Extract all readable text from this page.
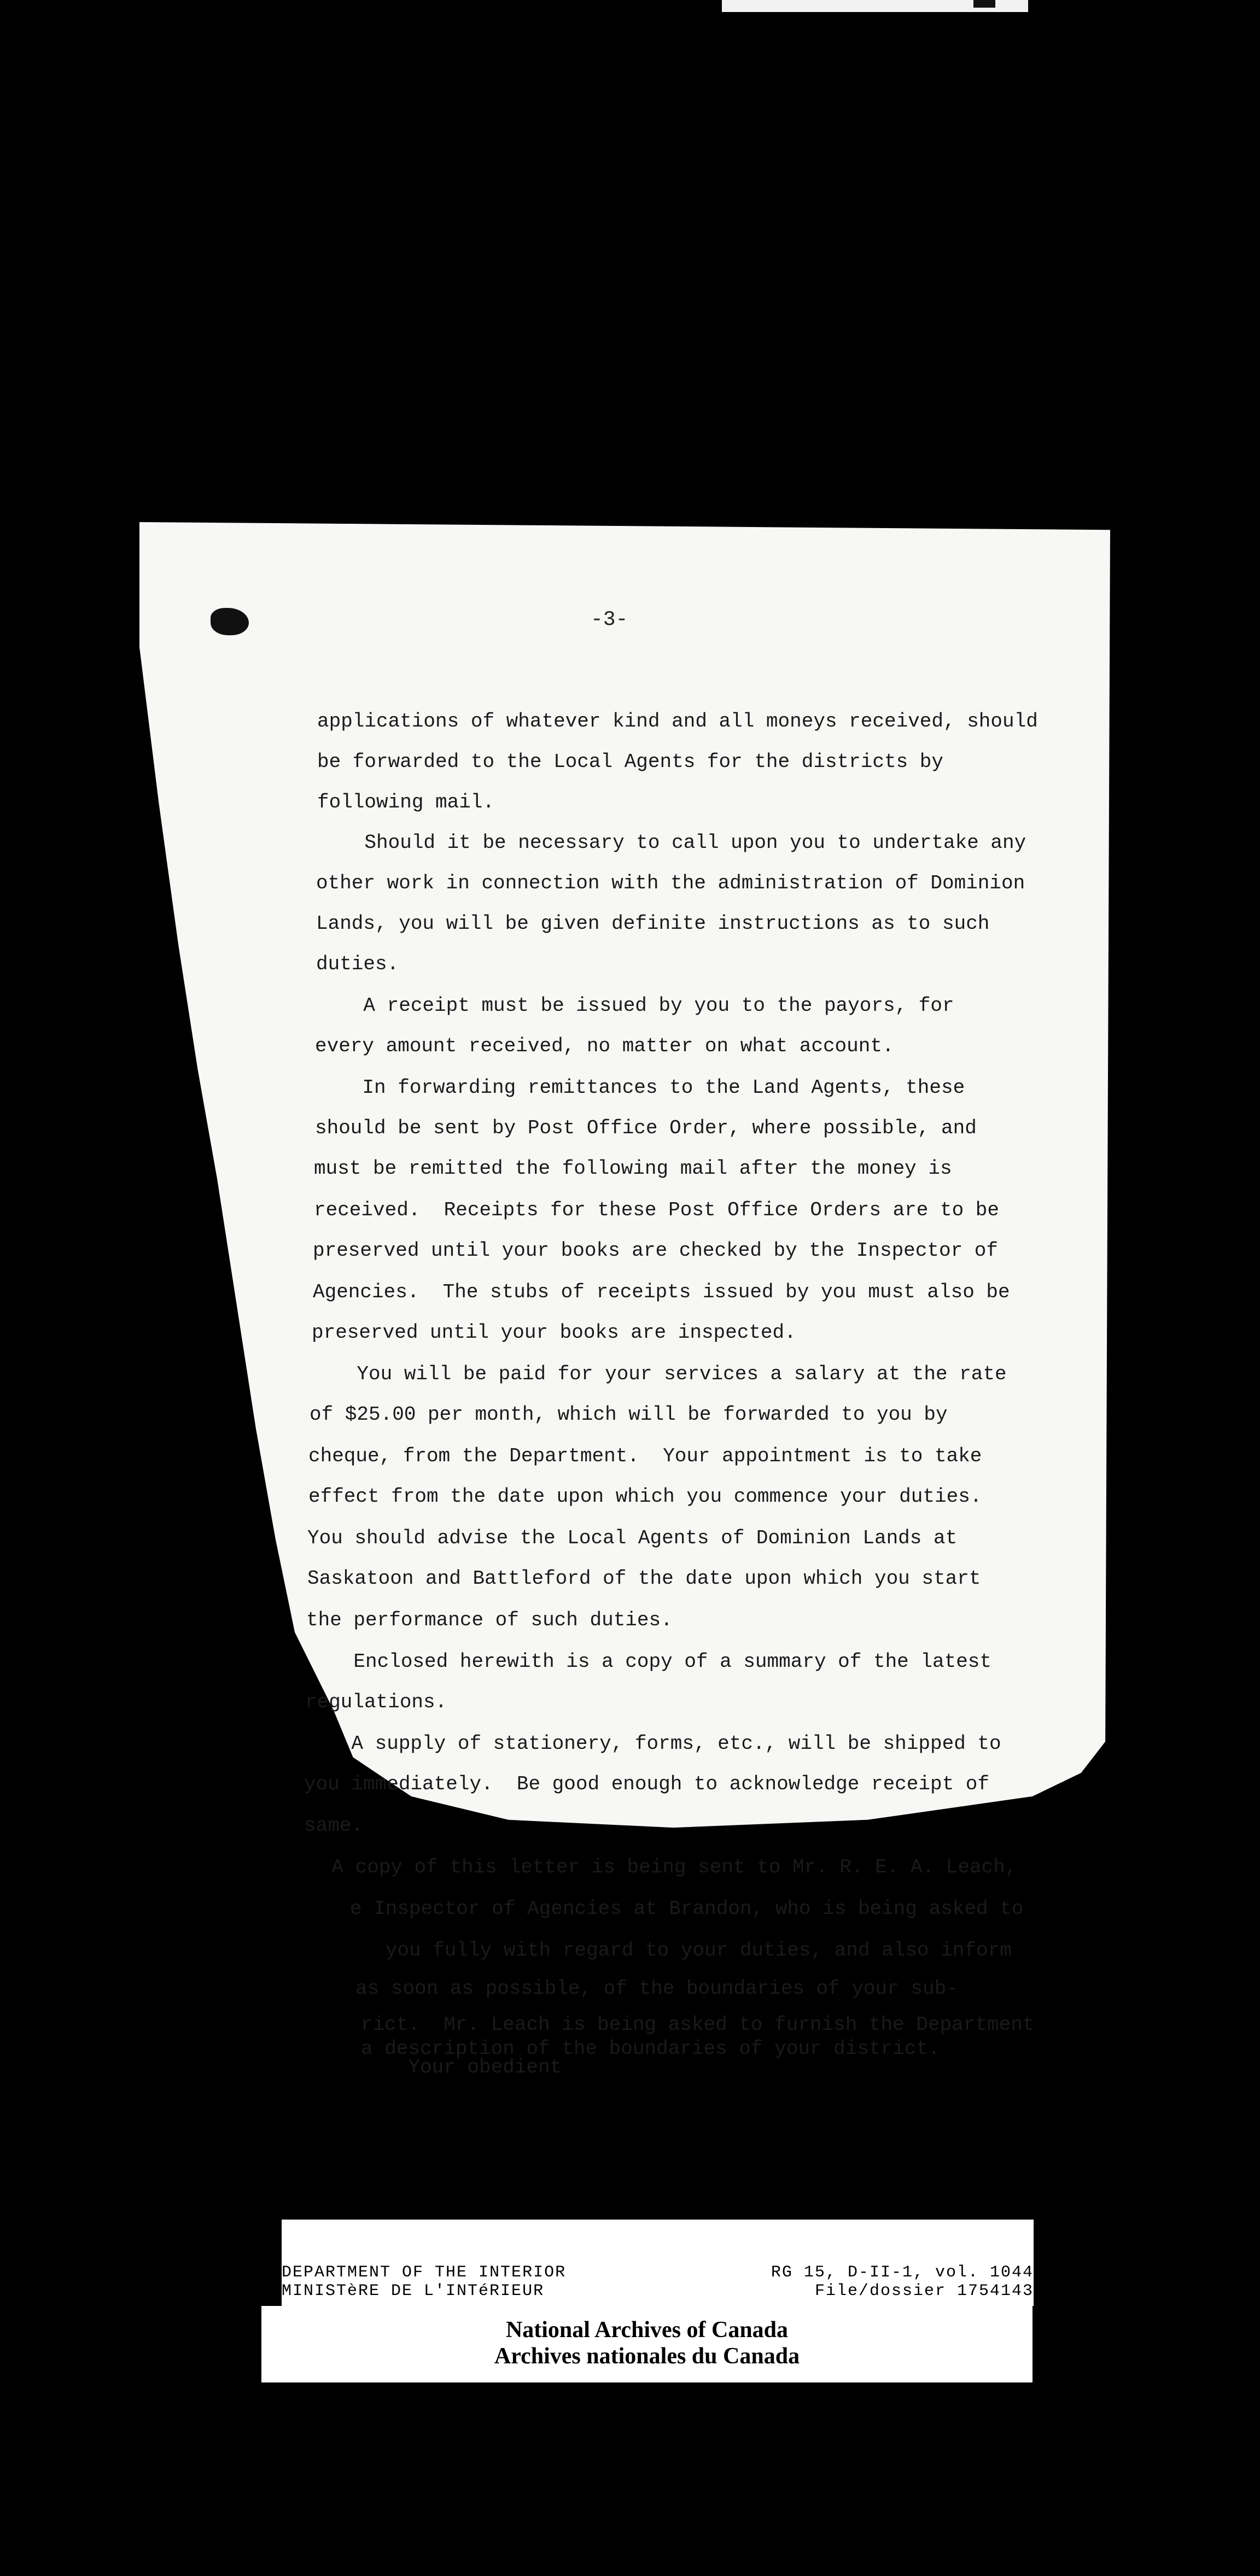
-3-
applications of whatever kind and all moneys received, should
be forwarded to the Local Agents for the districts by
following mail.
Should it be necessary to call upon you to undertake any
other work in connection with the administration of Dominion
Lands, you will be given definite instructions as to such
duties.
A receipt must be issued by you to the payors, for
every amount received, no matter on what account.
In forwarding remittances to the Land Agents, these
should be sent by Post Office Order, where possible, and
must be remitted the following mail after the money is
received.  Receipts for these Post Office Orders are to be
preserved until your books are checked by the Inspector of
Agencies.  The stubs of receipts issued by you must also be
preserved until your books are inspected.
You will be paid for your services a salary at the rate
of $25.00 per month, which will be forwarded to you by
cheque, from the Department.  Your appointment is to take
effect from the date upon which you commence your duties.
You should advise the Local Agents of Dominion Lands at
Saskatoon and Battleford of the date upon which you start
the performance of such duties.
Enclosed herewith is a copy of a summary of the latest
regulations.
A supply of stationery, forms, etc., will be shipped to
you immediately.  Be good enough to acknowledge receipt of
same.
A copy of this letter is being sent to Mr. R. E. A. Leach,
e Inspector of Agencies at Brandon, who is being asked to
you fully with regard to your duties, and also inform
as soon as possible, of the boundaries of your sub-
rict.  Mr. Leach is being asked to furnish the Department
a description of the boundaries of your district.
Your obedient
DEPARTMENT OF THE INTERIOR
MINISTèRE DE L'INTéRIEUR
RG 15, D-II-1, vol. 1044
File/dossier 1754143
National Archives of Canada
Archives nationales du Canada
